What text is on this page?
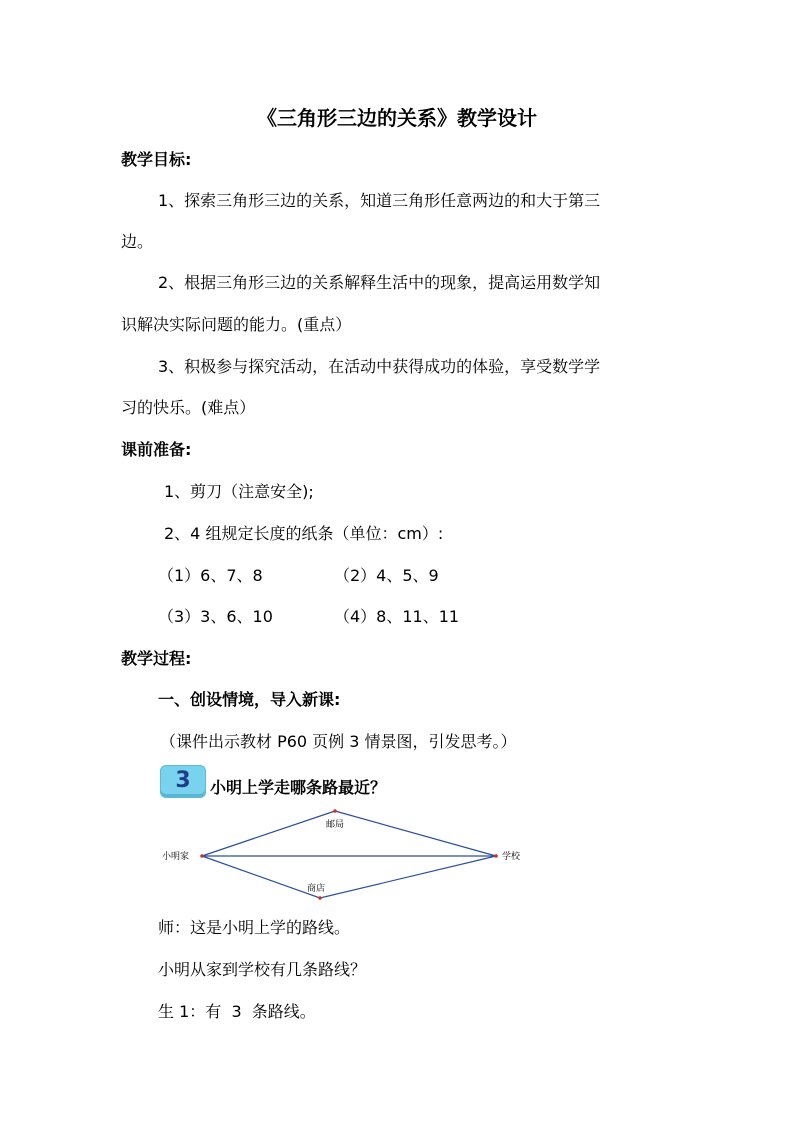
《三角形三边的关系》教学设计
教学目标:
1、探索三角形三边的关系，知道三角形任意两边的和大于第三
边。
2、根据三角形三边的关系解释生活中的现象，提高运用数学知
识解决实际问题的能力。(重点）
3、积极参与探究活动，在活动中获得成功的体验，享受数学学
习的快乐。(难点）
课前准备:
1、剪刀（注意安全);
2、4 组规定长度的纸条（单位：cm）:
（1）6、7、8	（2）4、5、9
（3）3、6、10	（4）8、11、11
教学过程:
一、创设情境，导入新课:
（课件出示教材 P60 页例 3 情景图，引发思考。）
3	小明上学走哪条路最近？
小明家	学校
邮局
商店
师：这是小明上学的路线。
小明从家到学校有几条路线？
生 1：有  3  条路线。
